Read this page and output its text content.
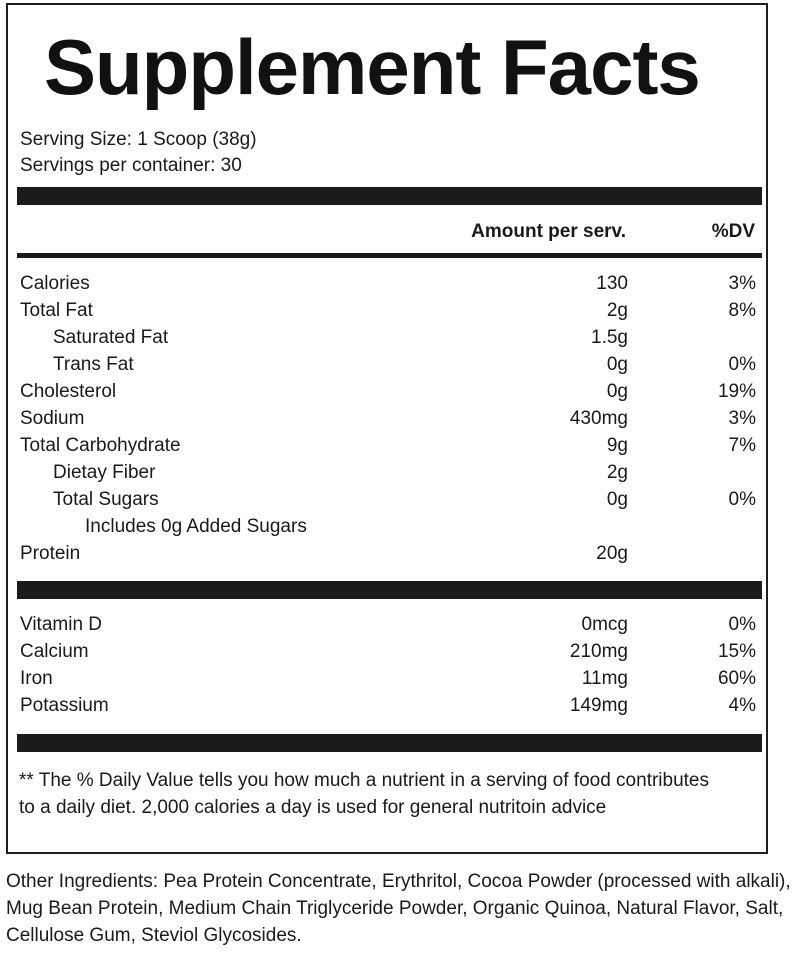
Supplement Facts
Serving Size: 1 Scoop (38g)
Servings per container: 30
Amount per serv.	%DV
Calories	130	3%
Total Fat	2g	8%
Saturated Fat	1.5g
Trans Fat	0g	0%
Cholesterol	0g	19%
Sodium	430mg	3%
Total Carbohydrate	9g	7%
Dietay Fiber	2g
Total Sugars	0g	0%
Includes 0g Added Sugars
Protein	20g
Vitamin D	0mcg	0%
Calcium	210mg	15%
Iron	11mg	60%
Potassium	149mg	4%
** The % Daily Value tells you how much a nutrient in a serving of food contributes to a daily diet. 2,000 calories a day is used for general nutritoin advice
Other Ingredients: Pea Protein Concentrate, Erythritol, Cocoa Powder (processed with alkali), Mug Bean Protein, Medium Chain Triglyceride Powder, Organic Quinoa, Natural Flavor, Salt, Cellulose Gum, Steviol Glycosides.
